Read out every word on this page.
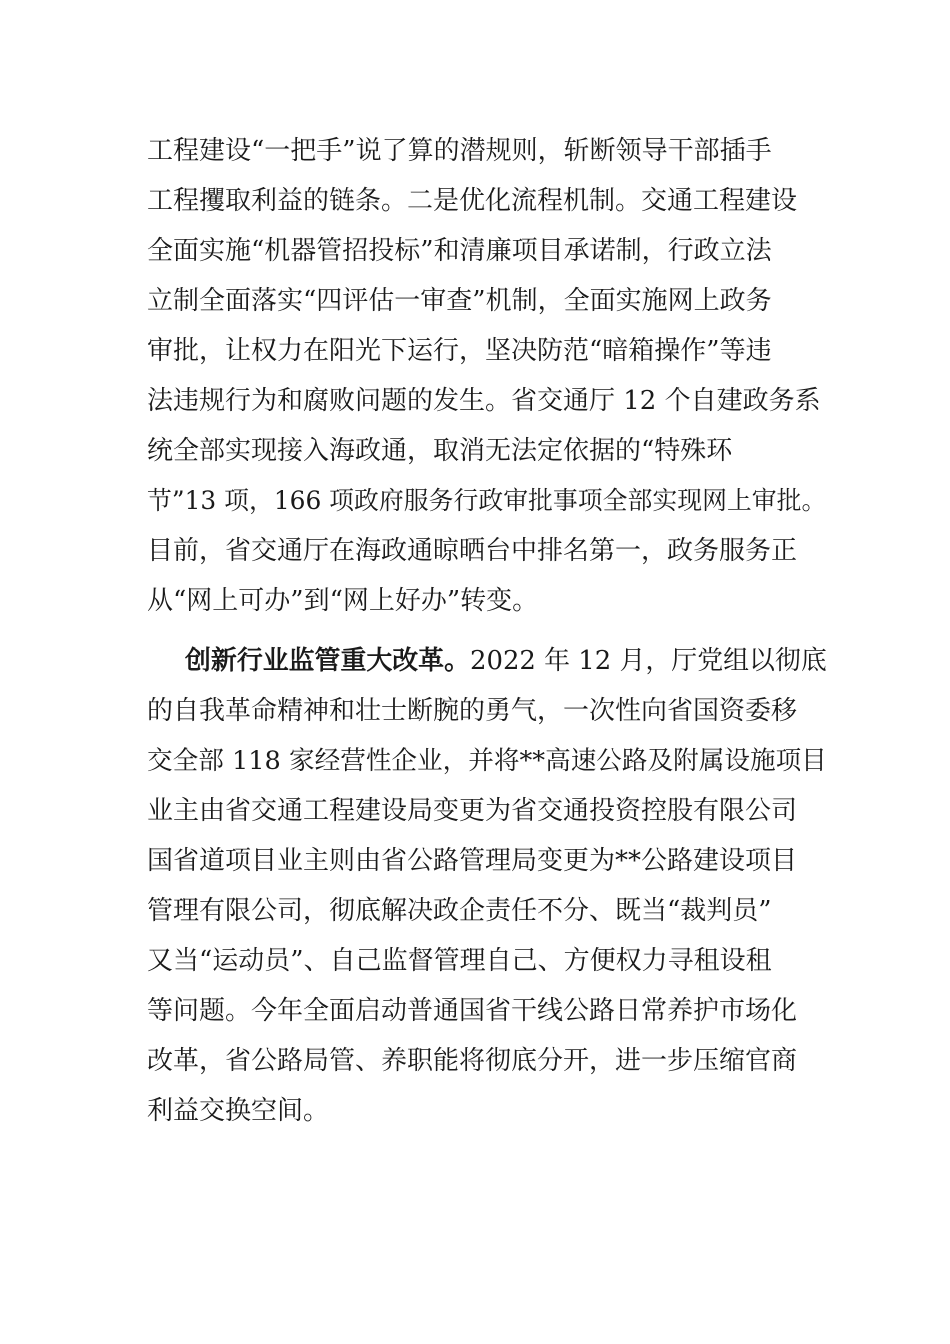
工程建设“一把手”说了算的潜规则，斩断领导干部插手
工程攫取利益的链条。二是优化流程机制。交通工程建设
全面实施“机器管招投标”和清廉项目承诺制，行政立法
立制全面落实“四评估一审查”机制，全面实施网上政务
审批，让权力在阳光下运行，坚决防范“暗箱操作”等违
法违规行为和腐败问题的发生。省交通厅 12 个自建政务系
统全部实现接入海政通，取消无法定依据的“特殊环
节”13 项，166 项政府服务行政审批事项全部实现网上审批。
目前，省交通厅在海政通晾晒台中排名第一，政务服务正
从“网上可办”到“网上好办”转变。
创新行业监管重大改革。2022 年 12 月，厅党组以彻底
的自我革命精神和壮士断腕的勇气，一次性向省国资委移
交全部 118 家经营性企业，并将**高速公路及附属设施项目
业主由省交通工程建设局变更为省交通投资控股有限公司
国省道项目业主则由省公路管理局变更为**公路建设项目
管理有限公司，彻底解决政企责任不分、既当“裁判员”
又当“运动员”、自己监督管理自己、方便权力寻租设租
等问题。今年全面启动普通国省干线公路日常养护市场化
改革，省公路局管、养职能将彻底分开，进一步压缩官商
利益交换空间。
